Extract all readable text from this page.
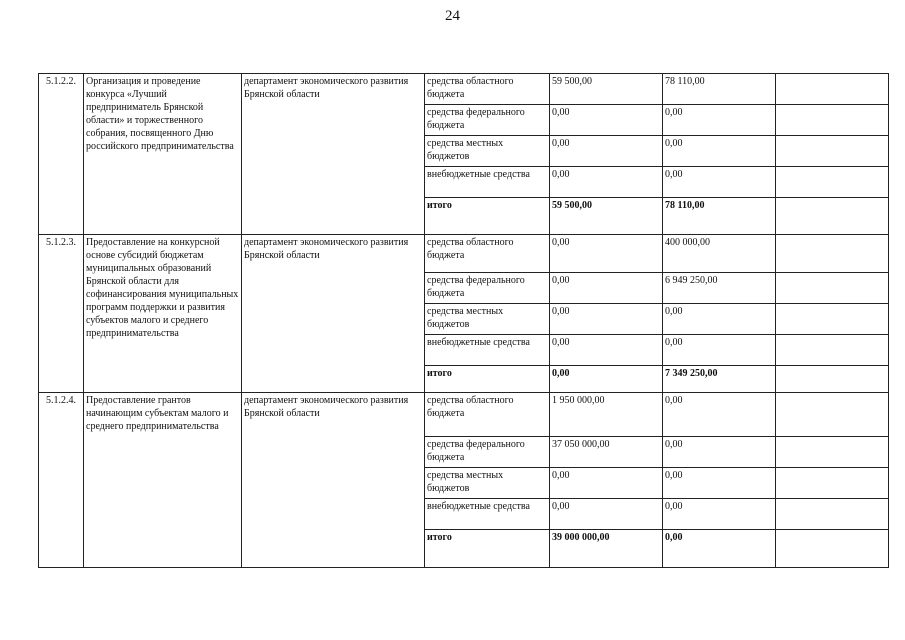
24
5.1.2.2.	Организация и проведение конкурса «Лучший предприниматель Брянской области» и торжественного собрания, посвященного Дню российского предпринимательства	департамент экономического развития Брянской области	средства областного бюджета	59 500,00	78 110,00	
			средства федерального бюджета	0,00	0,00	
			средства местных бюджетов	0,00	0,00	
			внебюджетные средства	0,00	0,00	
			итого	59 500,00	78 110,00	
5.1.2.3.	Предоставление на конкурсной основе субсидий бюджетам муниципальных образований Брянской области для софинансирования муниципальных программ поддержки и развития субъектов малого и среднего предпринимательства	департамент экономического развития Брянской области	средства областного бюджета	0,00	400 000,00	
			средства федерального бюджета	0,00	6 949 250,00	
			средства местных бюджетов	0,00	0,00	
			внебюджетные средства	0,00	0,00	
			итого	0,00	7 349 250,00	
5.1.2.4.	Предоставление грантов начинающим субъектам малого и среднего предпринимательства	департамент экономического развития Брянской области	средства областного бюджета	1 950 000,00	0,00	
			средства федерального бюджета	37 050 000,00	0,00	
			средства местных бюджетов	0,00	0,00	
			внебюджетные средства	0,00	0,00	
			итого	39 000 000,00	0,00	
